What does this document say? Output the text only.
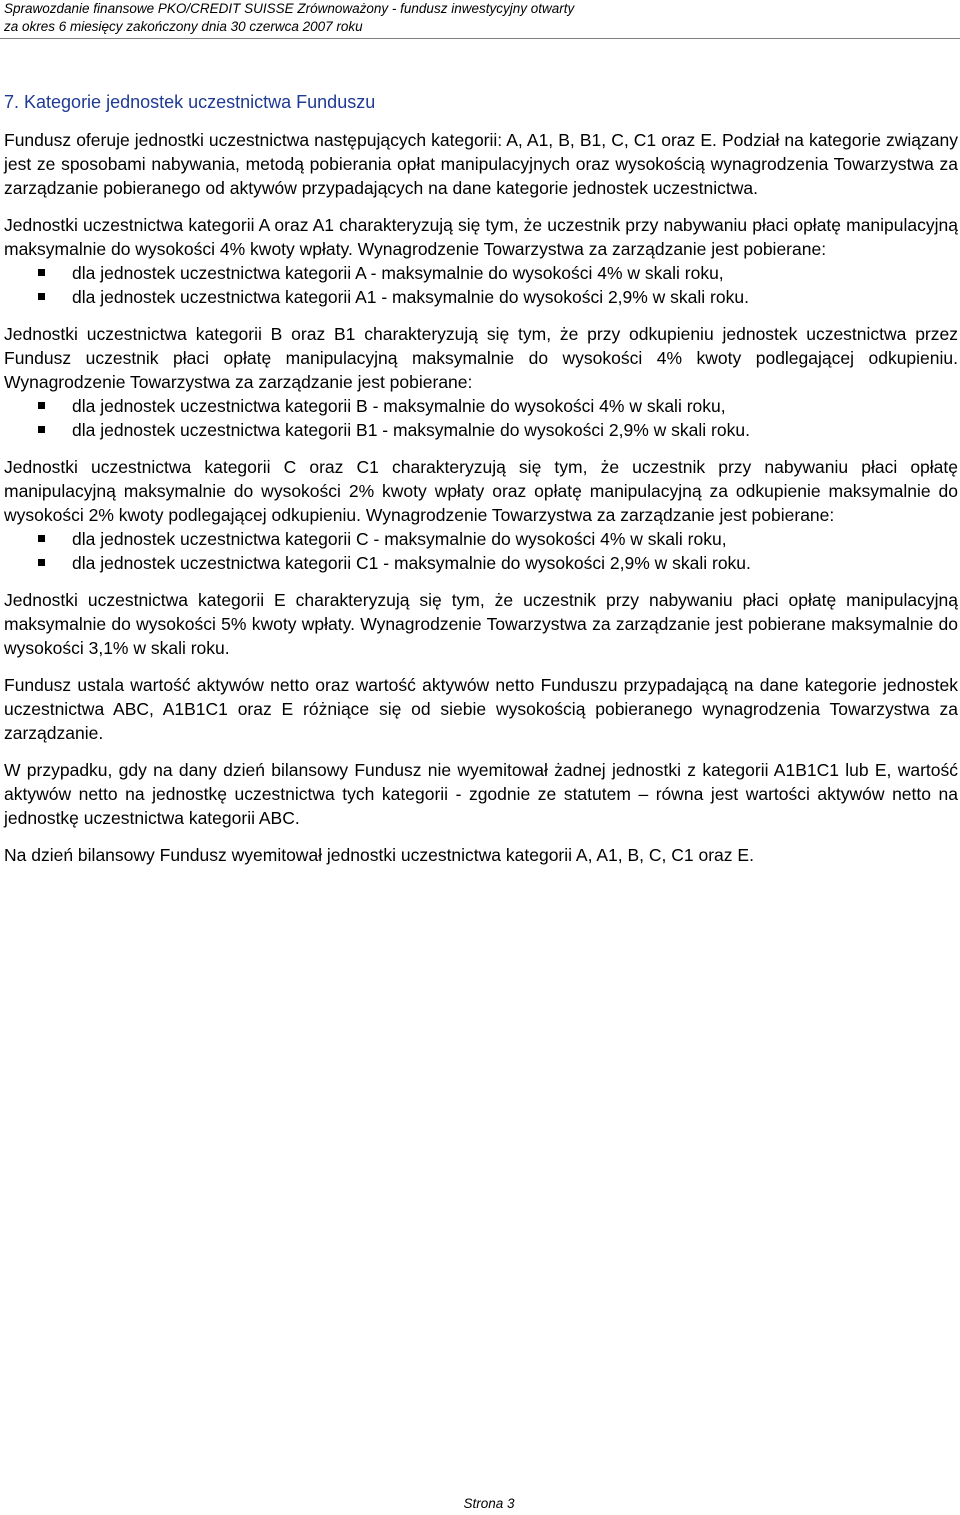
Sprawozdanie finansowe PKO/CREDIT SUISSE Zrównoważony - fundusz inwestycyjny otwarty
za okres 6 miesięcy zakończony dnia 30 czerwca 2007 roku
7. Kategorie jednostek uczestnictwa Funduszu

Fundusz oferuje jednostki uczestnictwa następujących kategorii: A, A1, B, B1, C, C1 oraz E. Podział na kategorie związany jest ze sposobami nabywania, metodą pobierania opłat manipulacyjnych oraz wysokością wynagrodzenia Towarzystwa za zarządzanie pobieranego od aktywów przypadających na dane kategorie jednostek uczestnictwa.

Jednostki uczestnictwa kategorii A oraz A1 charakteryzują się tym, że uczestnik przy nabywaniu płaci opłatę manipulacyjną maksymalnie do wysokości 4% kwoty wpłaty. Wynagrodzenie Towarzystwa za zarządzanie jest pobierane:

dla jednostek uczestnictwa kategorii A - maksymalnie do wysokości 4% w skali roku,
dla jednostek uczestnictwa kategorii A1 - maksymalnie do wysokości 2,9% w skali roku.

Jednostki uczestnictwa kategorii B oraz B1 charakteryzują się tym, że przy odkupieniu jednostek uczestnictwa przez Fundusz uczestnik płaci opłatę manipulacyjną maksymalnie do wysokości 4% kwoty podlegającej odkupieniu. Wynagrodzenie Towarzystwa za zarządzanie jest pobierane:

dla jednostek uczestnictwa kategorii B - maksymalnie do wysokości 4% w skali roku,
dla jednostek uczestnictwa kategorii B1 - maksymalnie do wysokości 2,9% w skali roku.

Jednostki uczestnictwa kategorii C oraz C1 charakteryzują się tym, że uczestnik przy nabywaniu płaci opłatę manipulacyjną maksymalnie do wysokości 2% kwoty wpłaty oraz opłatę manipulacyjną za odkupienie maksymalnie do wysokości 2% kwoty podlegającej odkupieniu. Wynagrodzenie Towarzystwa za zarządzanie jest pobierane:

dla jednostek uczestnictwa kategorii C - maksymalnie do wysokości 4% w skali roku,
dla jednostek uczestnictwa kategorii C1 - maksymalnie do wysokości 2,9% w skali roku.

Jednostki uczestnictwa kategorii E charakteryzują się tym, że uczestnik przy nabywaniu płaci opłatę manipulacyjną maksymalnie do wysokości 5% kwoty wpłaty. Wynagrodzenie Towarzystwa za zarządzanie jest pobierane maksymalnie do wysokości 3,1% w skali roku.

Fundusz ustala wartość aktywów netto oraz wartość aktywów netto Funduszu przypadającą na dane kategorie jednostek uczestnictwa ABC, A1B1C1 oraz E różniące się od siebie wysokością pobieranego wynagrodzenia Towarzystwa za zarządzanie.

W przypadku, gdy na dany dzień bilansowy Fundusz nie wyemitował żadnej jednostki z kategorii A1B1C1 lub E, wartość aktywów netto na jednostkę uczestnictwa tych kategorii - zgodnie ze statutem – równa jest wartości aktywów netto na jednostkę uczestnictwa kategorii ABC.

Na dzień bilansowy Fundusz wyemitował jednostki uczestnictwa kategorii A, A1, B, C, C1 oraz E.

Strona 3
